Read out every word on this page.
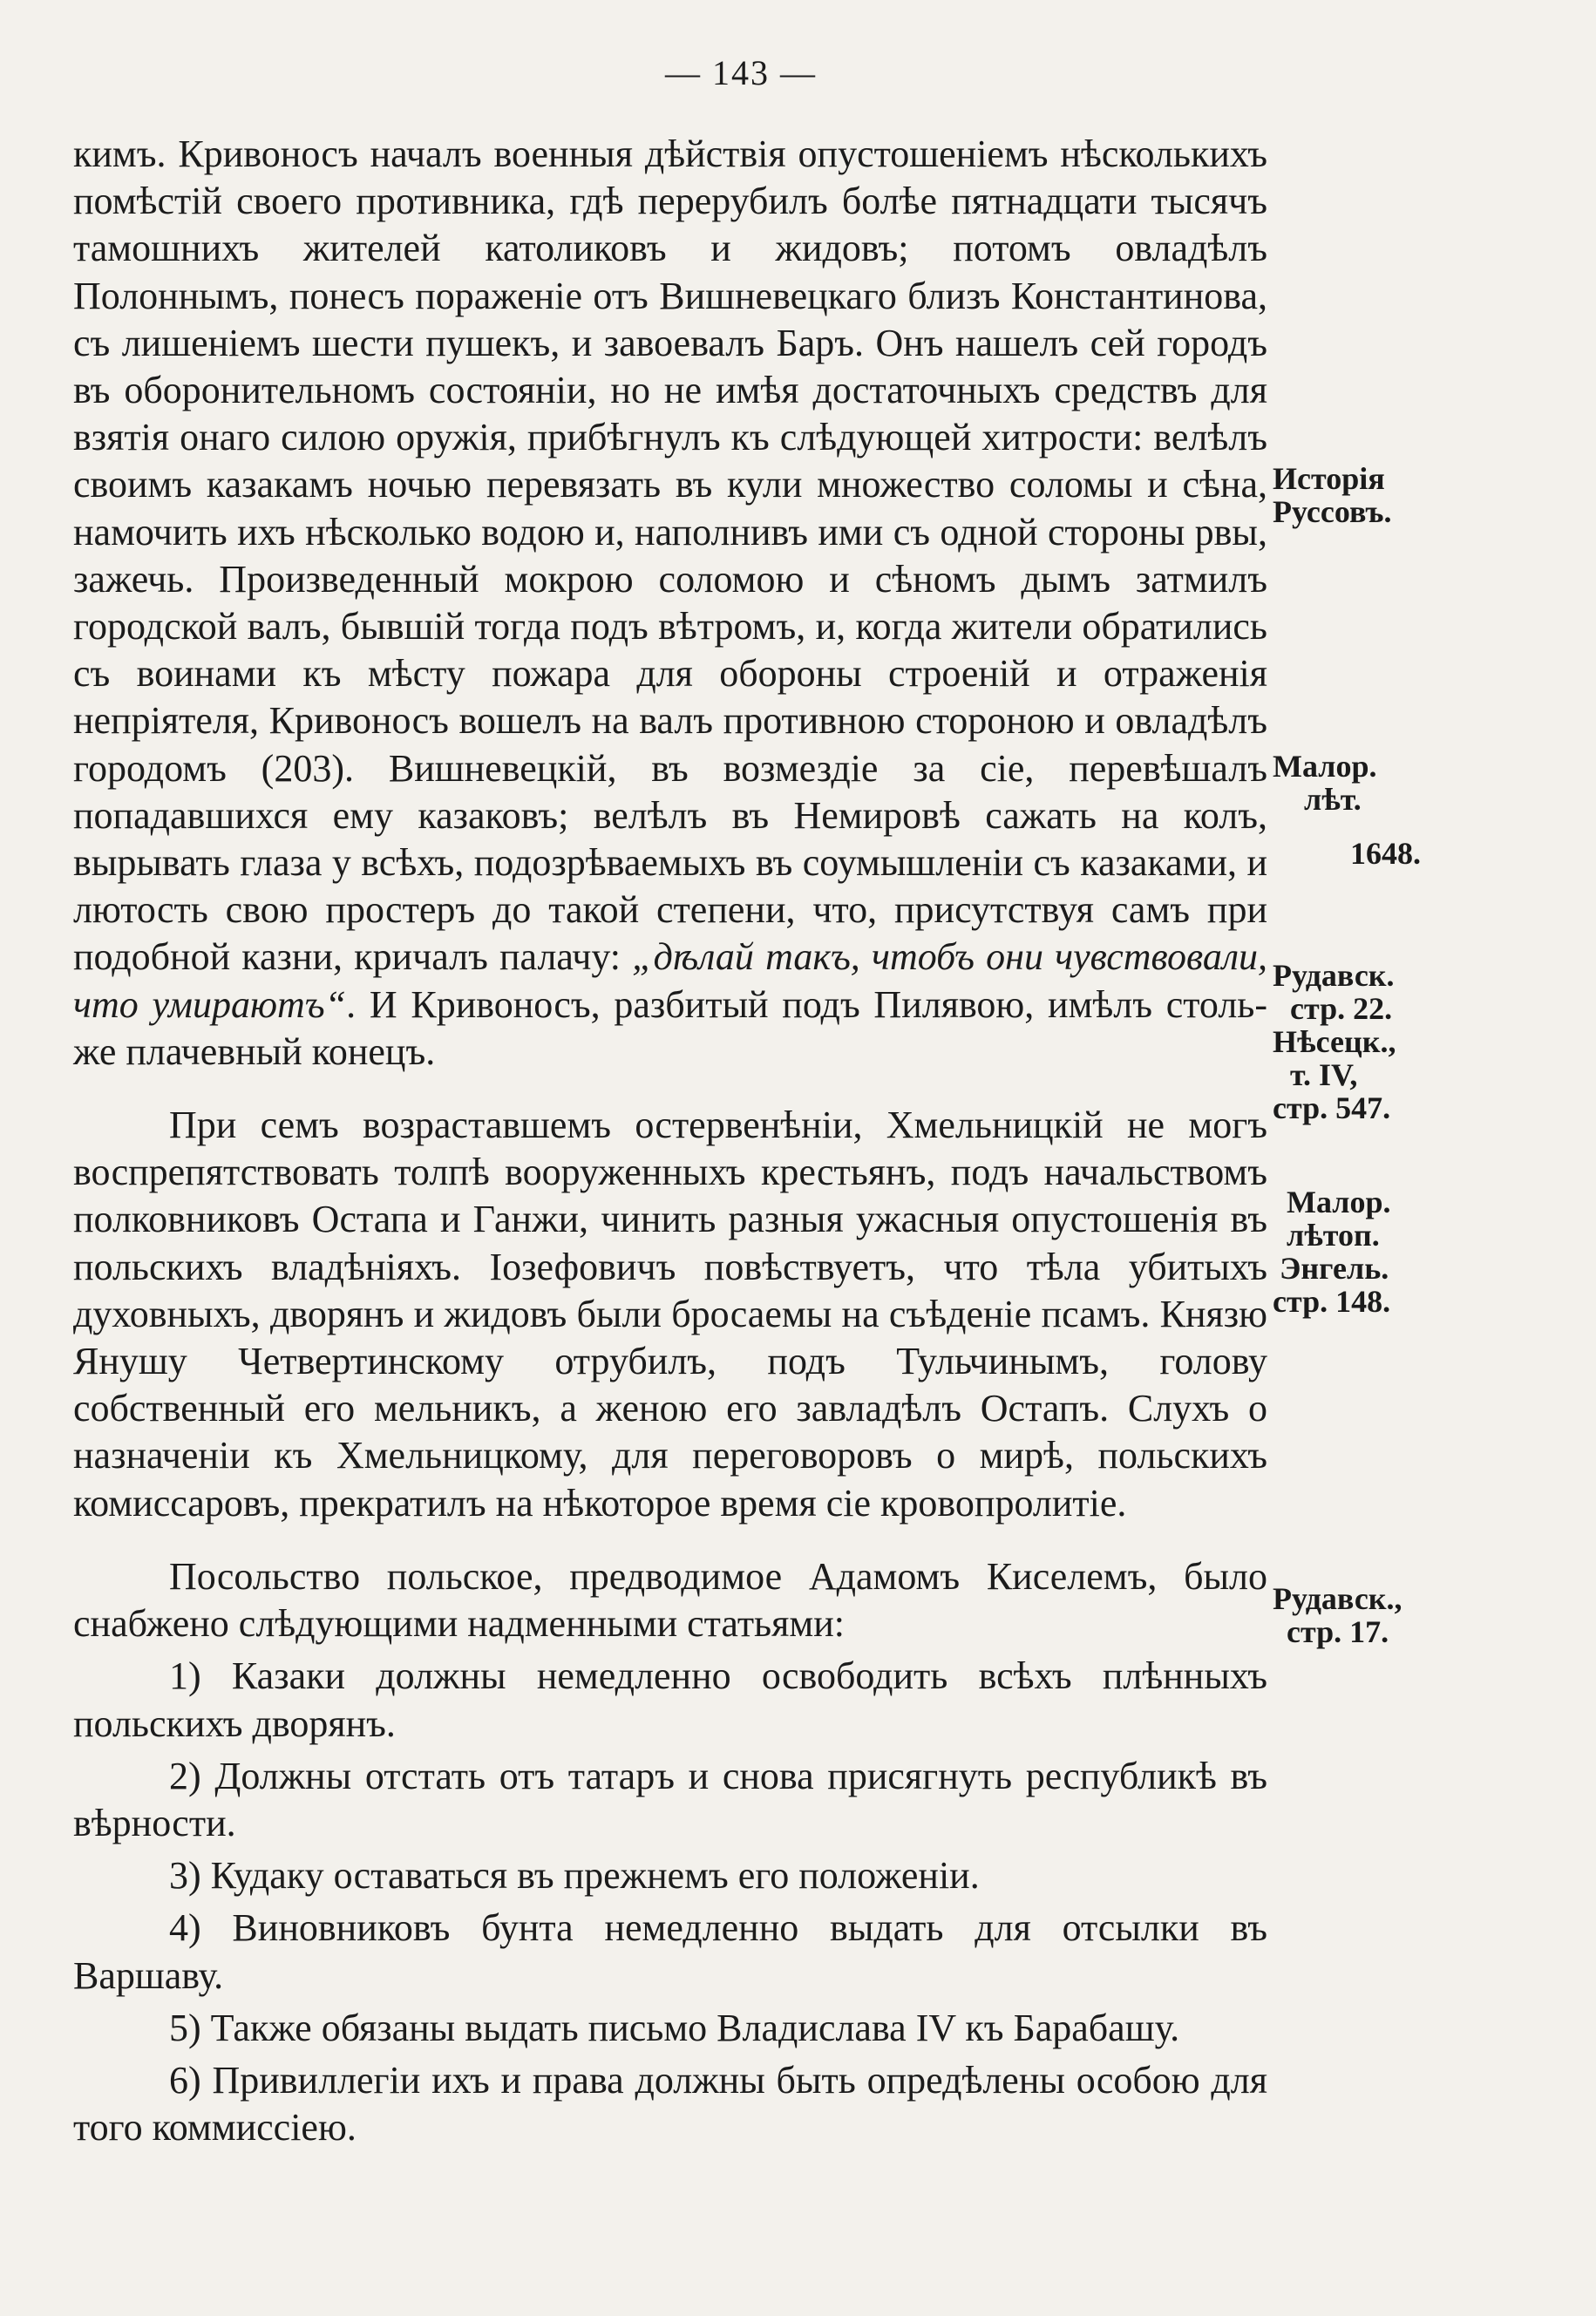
— 143 —

кимъ. Кривоносъ началъ военныя дѣйствія опустошеніемъ нѣсколькихъ помѣстій своего противника, гдѣ перерубилъ болѣе пятнадцати тысячъ тамошнихъ жителей католиковъ и жидовъ; потомъ овладѣлъ Полоннымъ, понесъ пораженіе отъ Вишневецкаго близъ Константинова, съ лишеніемъ шести пушекъ, и завоевалъ Баръ. Онъ нашелъ сей городъ въ оборонительномъ состояніи, но не имѣя достаточныхъ средствъ для взятія онаго силою оружія, прибѣгнулъ къ слѣдующей хитрости: велѣлъ своимъ казакамъ ночью перевязать въ кули множество соломы и сѣна, намочить ихъ нѣсколько водою и, наполнивъ ими съ одной стороны рвы, зажечь. Произведенный мокрою соломою и сѣномъ дымъ затмилъ городской валъ, бывшій тогда подъ вѣтромъ, и, когда жители обратились съ воинами къ мѣсту пожара для обороны строеній и отраженія непріятеля, Кривоносъ вошелъ на валъ противною стороною и овладѣлъ городомъ (203). Вишневецкій, въ возмездіе за сіе, перевѣшалъ попадавшихся ему казаковъ; велѣлъ въ Немировѣ сажать на колъ, вырывать глаза у всѣхъ, подозрѣваемыхъ въ соумышленіи съ казаками, и лютость свою простеръ до такой степени, что, присутствуя самъ при подобной казни, кричалъ палачу: „дѣлай такъ, чтобъ они чувствовали, что умираютъ“. И Кривоносъ, разбитый подъ Пилявою, имѣлъ столь-же плачевный конецъ.

При семъ возраставшемъ остервенѣніи, Хмельницкій не могъ воспрепятствовать толпѣ вооруженныхъ крестьянъ, подъ начальствомъ полковниковъ Остапа и Ганжи, чинить разныя ужасныя опустошенія въ польскихъ владѣніяхъ. Іозефовичъ повѣствуетъ, что тѣла убитыхъ духовныхъ, дворянъ и жидовъ были бросаемы на съѣденіе псамъ. Князю Янушу Четвертинскому отрубилъ, подъ Тульчинымъ, голову собственный его мельникъ, а женою его завладѣлъ Остапъ. Слухъ о назначеніи къ Хмельницкому, для переговоровъ о мирѣ, польскихъ комиссаровъ, прекратилъ на нѣкоторое время сіе кровопролитіе.

Посольство польское, предводимое Адамомъ Киселемъ, было снабжено слѣдующими надменными статьями:

1) Казаки должны немедленно освободить всѣхъ плѣнныхъ польскихъ дворянъ.

2) Должны отстать отъ татаръ и снова присягнуть республикѣ въ вѣрности.

3) Кудаку оставаться въ прежнемъ его положеніи.

4) Виновниковъ бунта немедленно выдать для отсылки въ Варшаву.

5) Также обязаны выдать письмо Владислава IV къ Барабашу.

6) Привиллегіи ихъ и права должны быть опредѣлены особою для того коммиссіею.

Исторія
Руссовъ.
Малор.
лѣт.
1648.
Рудавск.
стр. 22.
Нѣсецк.,
т. IV,
стр. 547.
Малор.
лѣтоп.
Энгель.
стр. 148.
Рудавск.,
стр. 17.
